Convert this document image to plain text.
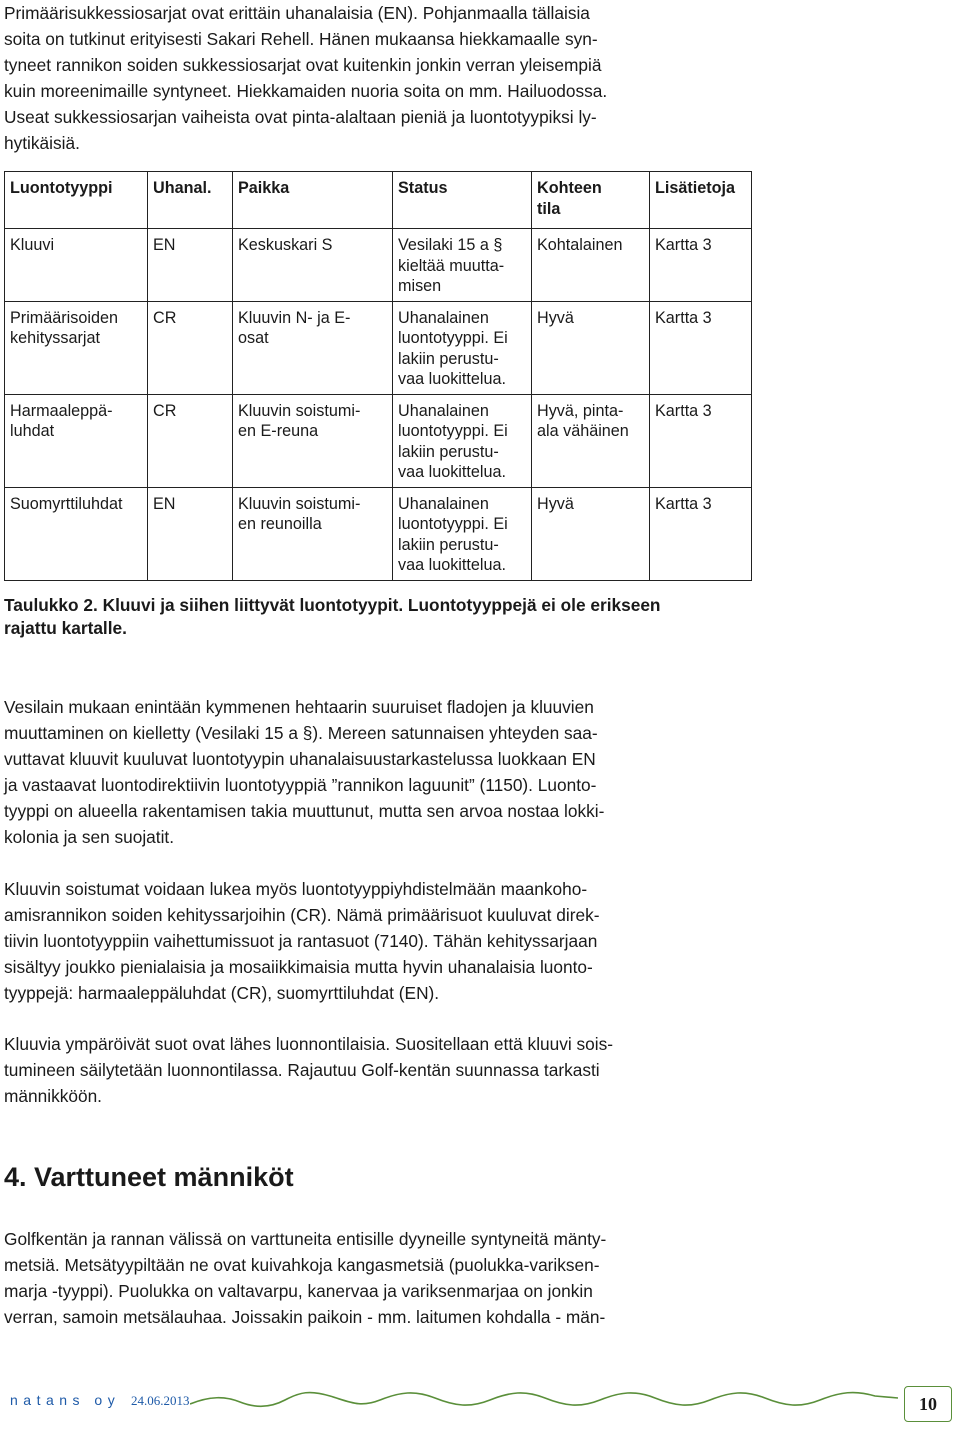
Primäärisukkessiosarjat ovat erittäin uhanalaisia (EN). Pohjanmaalla tällaisia
soita on tutkinut erityisesti Sakari Rehell. Hänen mukaansa hiekkamaalle syn-
tyneet rannikon soiden sukkessiosarjat ovat kuitenkin jonkin verran yleisempiä
kuin moreenimaille syntyneet. Hiekkamaiden nuoria soita on mm. Hailuodossa.
Useat sukkessiosarjan vaiheista ovat pinta-alaltaan pieniä ja luontotyypiksi ly-
hytikäisiä.

Luontotyyppi	Uhanal.	Paikka	Status	Kohteen
tila	Lisätietoja

Kluuvi	EN	Keskuskari S	Vesilaki 15 a §
kieltää muutta-
misen	Kohtalainen	Kartta 3

Primäärisoiden
kehityssarjat	CR	Kluuvin N- ja E-
osat	Uhanalainen
luontotyyppi. Ei
lakiin perustu-
vaa luokittelua.	Hyvä	Kartta 3

Harmaaleppä-
luhdat	CR	Kluuvin soistumi-
en E-reuna	Uhanalainen
luontotyyppi. Ei
lakiin perustu-
vaa luokittelua.	Hyvä, pinta-
ala vähäinen	Kartta 3

Suomyrttiluhdat	EN	Kluuvin soistumi-
en reunoilla	Uhanalainen
luontotyyppi. Ei
lakiin perustu-
vaa luokittelua.	Hyvä	Kartta 3

Taulukko 2. Kluuvi ja siihen liittyvät luontotyypit. Luontotyyppejä ei ole erikseen
rajattu kartalle.

Vesilain mukaan enintään kymmenen hehtaarin suuruiset fladojen ja kluuvien
muuttaminen on kielletty (Vesilaki 15 a §). Mereen satunnaisen yhteyden saa-
vuttavat kluuvit kuuluvat luontotyypin uhanalaisuustarkastelussa luokkaan EN
ja vastaavat luontodirektiivin luontotyyppiä ”rannikon laguunit” (1150). Luonto-
tyyppi on alueella rakentamisen takia muuttunut, mutta sen arvoa nostaa lokki-
kolonia ja sen suojatit.

Kluuvin soistumat voidaan lukea myös luontotyyppiyhdistelmään maankoho-
amisrannikon soiden kehityssarjoihin (CR). Nämä primäärisuot kuuluvat direk-
tiivin luontotyyppiin vaihettumissuot ja rantasuot (7140). Tähän kehityssarjaan
sisältyy joukko pienialaisia ja mosaiikkimaisia mutta hyvin uhanalaisia luonto-
tyyppejä: harmaaleppäluhdat (CR), suomyrttiluhdat (EN).

Kluuvia ympäröivät suot ovat lähes luonnontilaisia. Suositellaan että kluuvi sois-
tumineen säilytetään luonnontilassa. Rajautuu Golf-kentän suunnassa tarkasti
männikköön.

4. Varttuneet männiköt

Golfkentän ja rannan välissä on varttuneita entisille dyyneille syntyneitä mänty-
metsiä. Metsätyypiltään ne ovat kuivahkoja kangasmetsiä (puolukka-variksen-
marja -tyyppi). Puolukka on valtavarpu, kanervaa ja variksenmarjaa on jonkin
verran, samoin metsälauhaa. Joissakin paikoin - mm. laitumen kohdalla - män-

natans oy 24.06.2013	10
